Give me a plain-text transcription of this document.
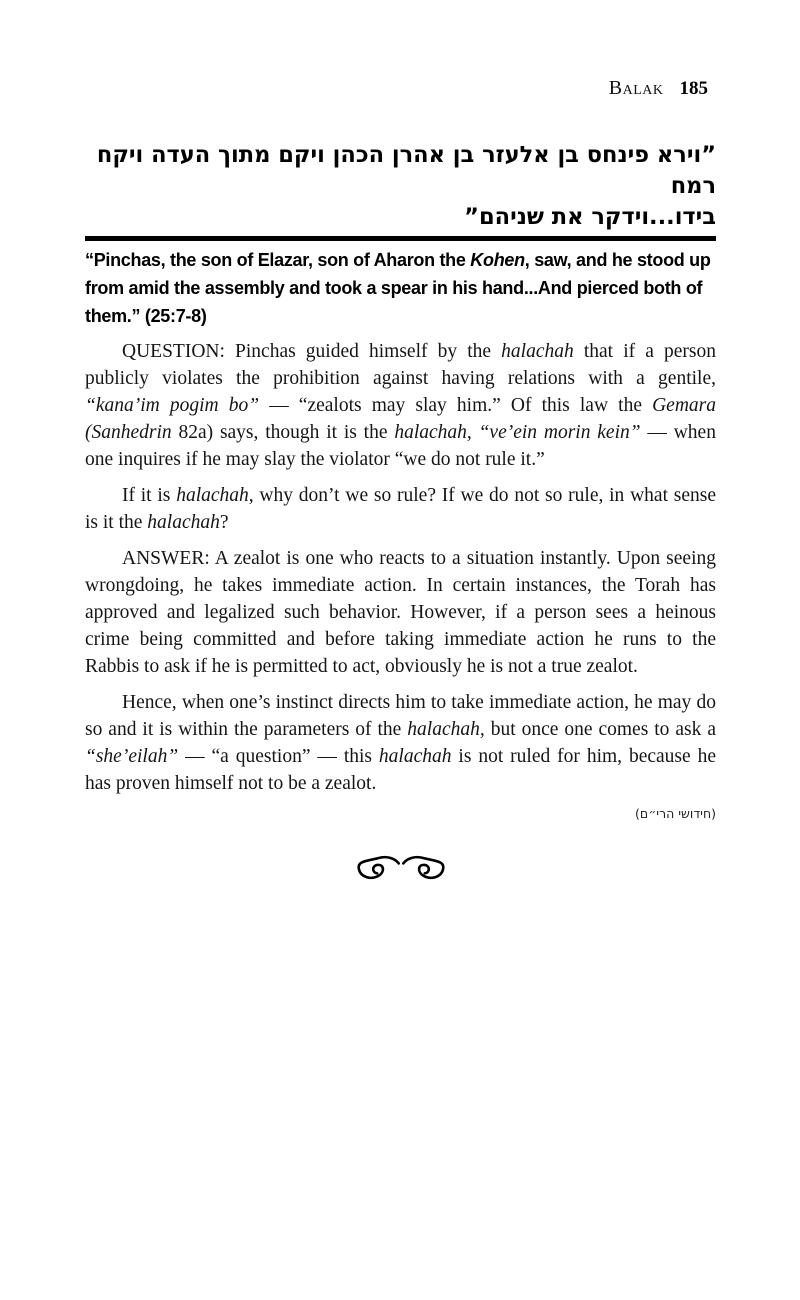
Balak 185
”וירא פינחס בן אלעזר בן אהרן הכהן ויקם מתוך העדה ויקח רמח
בידו...וידקר את שניהם”
“Pinchas, the son of Elazar, son of Aharon the Kohen, saw, and he stood up from amid the assembly and took a spear in his hand...And pierced both of them.” (25:7-8)

QUESTION: Pinchas guided himself by the halachah that if a person publicly violates the prohibition against having relations with a gentile, “kana’im pogim bo” — “zealots may slay him.” Of this law the Gemara (Sanhedrin 82a) says, though it is the halachah, “ve’ein morin kein” — when one inquires if he may slay the violator “we do not rule it.”

If it is halachah, why don’t we so rule? If we do not so rule, in what sense is it the halachah?

ANSWER: A zealot is one who reacts to a situation instantly. Upon seeing wrongdoing, he takes immediate action. In certain instances, the Torah has approved and legalized such behavior. However, if a person sees a heinous crime being committed and before taking immediate action he runs to the Rabbis to ask if he is permitted to act, obviously he is not a true zealot.

Hence, when one’s instinct directs him to take immediate action, he may do so and it is within the parameters of the halachah, but once one comes to ask a “she’eilah” — “a question” — this halachah is not ruled for him, because he has proven himself not to be a zealot.

(חידושי הרי״ם)
